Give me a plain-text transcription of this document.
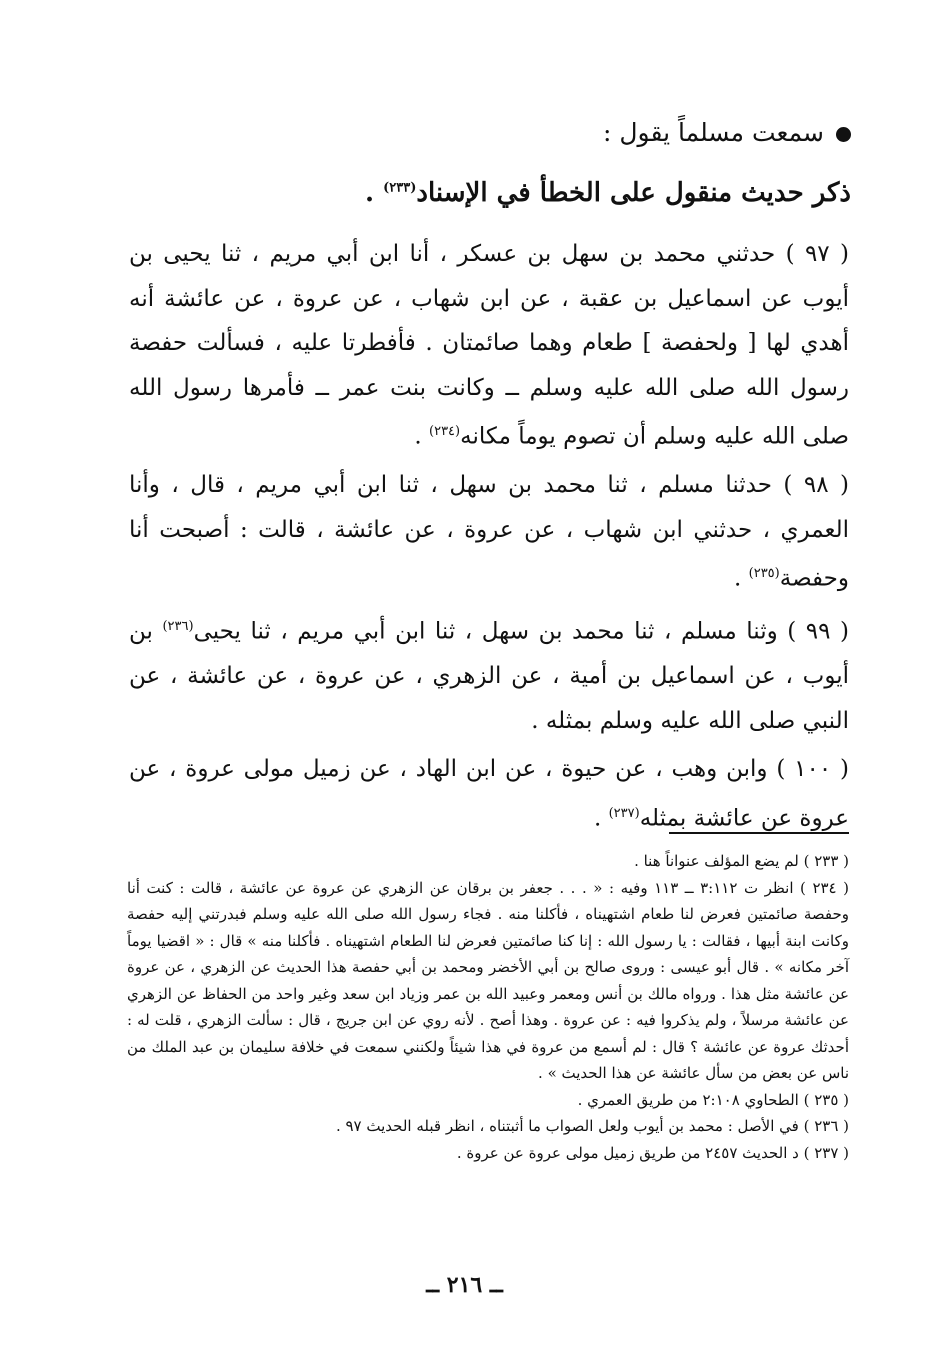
سمعت مسلماً يقول :
ذكر حديث منقول على الخطأ في الإسناد$^{(٢٣٣)}$ .

( ٩٧ ) حدثني محمد بن سهل بن عسكر ، أنا ابن أبي مريم ، ثنا يحيى بن أيوب عن اسماعيل بن عقبة ، عن ابن شهاب ، عن عروة ، عن عائشة أنه أهدي لها [ ولحفصة ] طعام وهما صائمتان . فأفطرتا عليه ، فسألت حفصة رسول الله صلى الله عليه وسلم ــ وكانت بنت عمر ــ فأمرها رسول الله صلى الله عليه وسلم أن تصوم يوماً مكانه$^{(٢٣٤)}$ .

( ٩٨ ) حدثنا مسلم ، ثنا محمد بن سهل ، ثنا ابن أبي مريم ، قال ، وأنا العمري ، حدثني ابن شهاب ، عن عروة ، عن عائشة ، قالت : أصبحت أنا وحفصة$^{(٢٣٥)}$ .

( ٩٩ ) وثنا مسلم ، ثنا محمد بن سهل ، ثنا ابن أبي مريم ، ثنا يحيى$^{(٢٣٦)}$ بن أيوب ، عن اسماعيل بن أمية ، عن الزهري ، عن عروة ، عن عائشة ، عن النبي صلى الله عليه وسلم بمثله .

( ١٠٠ ) وابن وهب ، عن حيوة ، عن ابن الهاد ، عن زميل مولى عروة ، عن عروة عن عائشة بمثله$^{(٢٣٧)}$ .

( ٢٣٣ ) لم يضع المؤلف عنواناً هنا .

( ٢٣٤ ) انظر ت ٣:١١٢ ــ ١١٣ وفيه : « . . . جعفر بن برقان عن الزهري عن عروة عن عائشة ، قالت : كنت أنا وحفصة صائمتين فعرض لنا طعام اشتهيناه ، فأكلنا منه . فجاء رسول الله صلى الله عليه وسلم فبدرتني إليه حفصة وكانت ابنة أبيها ، فقالت : يا رسول الله : إنا كنا صائمتين فعرض لنا الطعام اشتهيناه . فأكلنا منه » قال : « اقضيا يوماً آخر مكانه » . قال أبو عيسى : وروى صالح بن أبي الأخضر ومحمد بن أبي حفصة هذا الحديث عن الزهري ، عن عروة عن عائشة مثل هذا . ورواه مالك بن أنس ومعمر وعبيد الله بن عمر وزياد ابن سعد وغير واحد من الحفاظ عن الزهري عن عائشة مرسلاً ، ولم يذكروا فيه : عن عروة . وهذا أصح . لأنه روي عن ابن جريج ، قال : سألت الزهري ، قلت له : أحدثك عروة عن عائشة ؟ قال : لم أسمع من عروة في هذا شيئاً ولكنني سمعت في خلافة سليمان بن عبد الملك من ناس عن بعض من سأل عائشة عن هذا الحديث » .

( ٢٣٥ ) الطحاوي ٢:١٠٨ من طريق العمري .

( ٢٣٦ ) في الأصل : محمد بن أيوب ولعل الصواب ما أثبتناه ، انظر قبله الحديث ٩٧ .

( ٢٣٧ ) د الحديث ٢٤٥٧ من طريق زميل مولى عروة عن عروة .

ــ ٢١٦ ــ
